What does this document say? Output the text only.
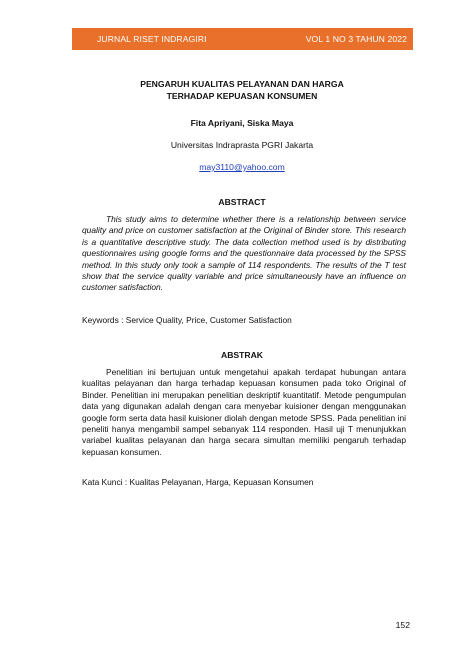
JURNAL RISET INDRAGIRI	VOL 1 NO 3 TAHUN 2022
PENGARUH KUALITAS PELAYANAN DAN HARGA
TERHADAP KEPUASAN KONSUMEN
Fita Apriyani, Siska Maya
Universitas Indraprasta PGRI Jakarta
may3110@yahoo.com
ABSTRACT

This study aims to determine whether there is a relationship between service quality and price on customer satisfaction at the Original of Binder store. This research is a quantitative descriptive study. The data collection method used is by distributing questionnaires using google forms and the questionnaire data processed by the SPSS method. In this study only took a sample of 114 respondents. The results of the T test show that the service quality variable and price simultaneously have an influence on customer satisfaction.

Keywords : Service Quality, Price, Customer Satisfaction

ABSTRAK

Penelitian ini bertujuan untuk mengetahui apakah terdapat hubungan antara kualitas pelayanan dan harga terhadap kepuasan konsumen pada toko Original of Binder. Penelitian ini merupakan penelitian deskriptif kuantitatif. Metode pengumpulan data yang digunakan adalah dengan cara menyebar kuisioner dengan menggunakan google form serta data hasil kuisioner diolah dengan metode SPSS. Pada penelitian ini peneliti hanya mengambil sampel sebanyak 114 responden. Hasil uji T menunjukkan variabel kualitas pelayanan dan harga secara simultan memiliki pengaruh terhadap kepuasan konsumen.

Kata Kunci : Kualitas Pelayanan, Harga, Kepuasan Konsumen

152
